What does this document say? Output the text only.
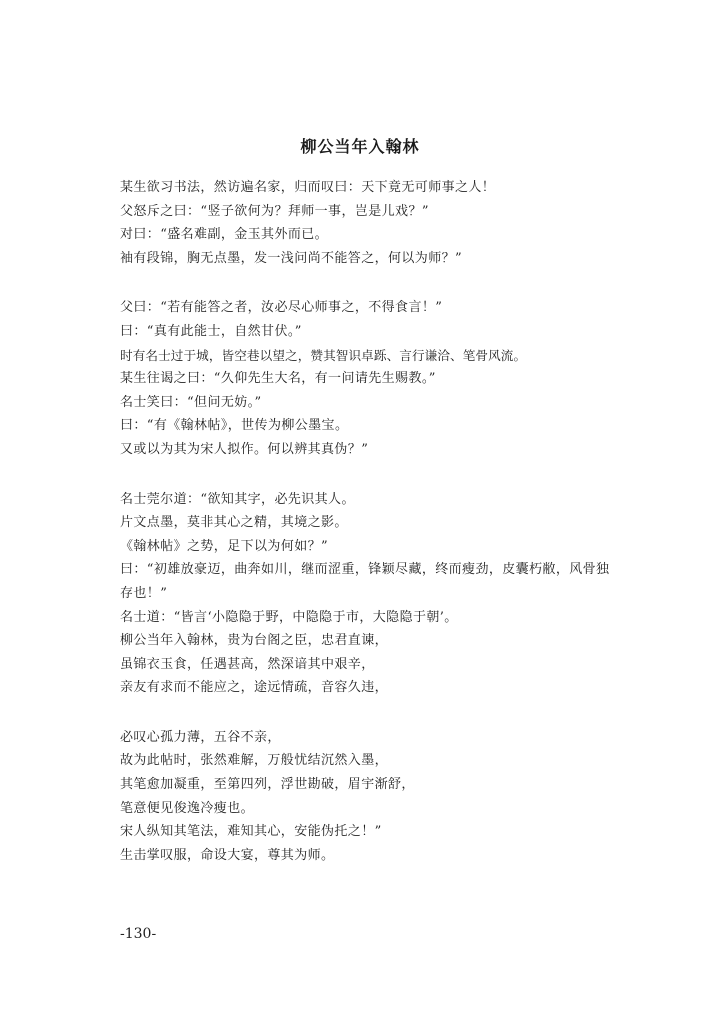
柳公当年入翰林
某生欲习书法，然访遍名家，归而叹曰：天下竟无可师事之人！
父怒斥之曰：“竖子欲何为？拜师一事，岂是儿戏？”
对曰：“盛名难副，金玉其外而已。
袖有段锦，胸无点墨，发一浅问尚不能答之，何以为师？”
父曰：“若有能答之者，汝必尽心师事之，不得食言！”
曰：“真有此能士，自然甘伏。”
时有名士过于城，皆空巷以望之，赞其智识卓跞、言行谦洽、笔骨风流。
某生往谒之曰：“久仰先生大名，有一问请先生赐教。”
名士笑曰：“但问无妨。”
曰：“有《翰林帖》，世传为柳公墨宝。
又或以为其为宋人拟作。何以辨其真伪？”
名士莞尔道：“欲知其字，必先识其人。
片文点墨，莫非其心之精，其境之影。
《翰林帖》之势，足下以为何如？”
曰：“初雄放豪迈，曲奔如川，继而涩重，锋颖尽藏，终而瘦劲，皮囊朽敝，风骨独存也！”
名士道：“皆言‘小隐隐于野，中隐隐于市，大隐隐于朝’。
柳公当年入翰林，贵为台阁之臣，忠君直谏，
虽锦衣玉食，任遇甚高，然深谙其中艰辛，
亲友有求而不能应之，途远情疏，音容久违，
必叹心孤力薄，五谷不亲，
故为此帖时，张然难解，万般忧结沉然入墨，
其笔愈加凝重，至第四列，浮世勘破，眉宇渐舒，
笔意便见俊逸冷瘦也。
宋人纵知其笔法，难知其心，安能伪托之！”
生击掌叹服，命设大宴，尊其为师。
-130-
